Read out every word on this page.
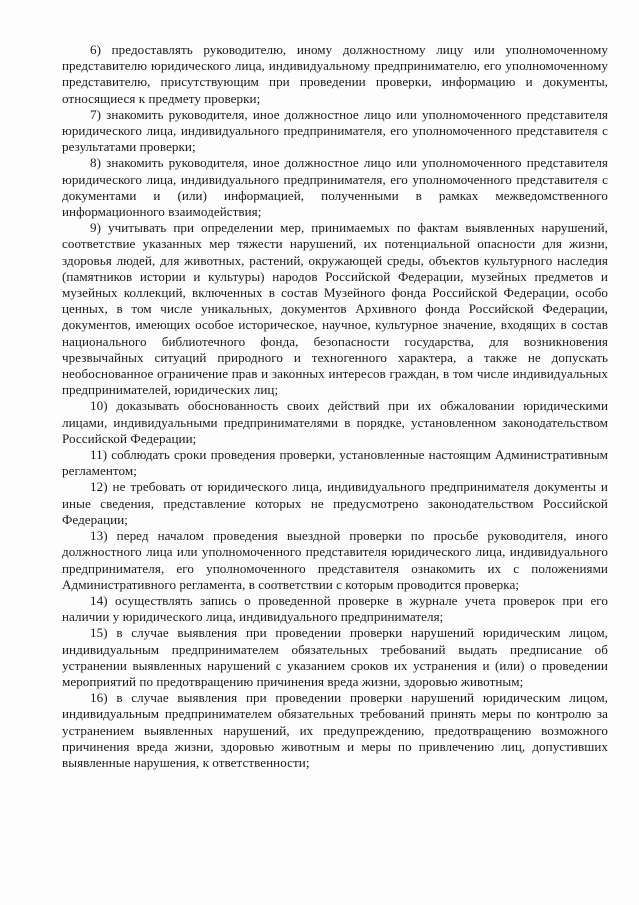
6) предоставлять руководителю, иному должностному лицу или уполномоченному представителю юридического лица, индивидуальному предпринимателю, его уполномоченному представителю, присутствующим при проведении проверки, информацию и документы, относящиеся к предмету проверки;

7) знакомить руководителя, иное должностное лицо или уполномоченного представителя юридического лица, индивидуального предпринимателя, его уполномоченного представителя с результатами проверки;

8) знакомить руководителя, иное должностное лицо или уполномоченного представителя юридического лица, индивидуального предпринимателя, его уполномоченного представителя с документами и (или) информацией, полученными в рамках межведомственного информационного взаимодействия;

9) учитывать при определении мер, принимаемых по фактам выявленных нарушений, соответствие указанных мер тяжести нарушений, их потенциальной опасности для жизни, здоровья людей, для животных, растений, окружающей среды, объектов культурного наследия (памятников истории и культуры) народов Российской Федерации, музейных предметов и музейных коллекций, включенных в состав Музейного фонда Российской Федерации, особо ценных, в том числе уникальных, документов Архивного фонда Российской Федерации, документов, имеющих особое историческое, научное, культурное значение, входящих в состав национального библиотечного фонда, безопасности государства, для возникновения чрезвычайных ситуаций природного и техногенного характера, а также не допускать необоснованное ограничение прав и законных интересов граждан, в том числе индивидуальных предпринимателей, юридических лиц;

10) доказывать обоснованность своих действий при их обжаловании юридическими лицами, индивидуальными предпринимателями в порядке, установленном законодательством Российской Федерации;

11) соблюдать сроки проведения проверки, установленные настоящим Административным регламентом;

12) не требовать от юридического лица, индивидуального предпринимателя документы и иные сведения, представление которых не предусмотрено законодательством Российской Федерации;

13) перед началом проведения выездной проверки по просьбе руководителя, иного должностного лица или уполномоченного представителя юридического лица, индивидуального предпринимателя, его уполномоченного представителя ознакомить их с положениями Административного регламента, в соответствии с которым проводится проверка;

14) осуществлять запись о проведенной проверке в журнале учета проверок при его наличии у юридического лица, индивидуального предпринимателя;

15) в случае выявления при проведении проверки нарушений юридическим лицом, индивидуальным предпринимателем обязательных требований выдать предписание об устранении выявленных нарушений с указанием сроков их устранения и (или) о проведении мероприятий по предотвращению причинения вреда жизни, здоровью животным;

16) в случае выявления при проведении проверки нарушений юридическим лицом, индивидуальным предпринимателем обязательных требований принять меры по контролю за устранением выявленных нарушений, их предупреждению, предотвращению возможного причинения вреда жизни, здоровью животным и меры по привлечению лиц, допустивших выявленные нарушения, к ответственности;
